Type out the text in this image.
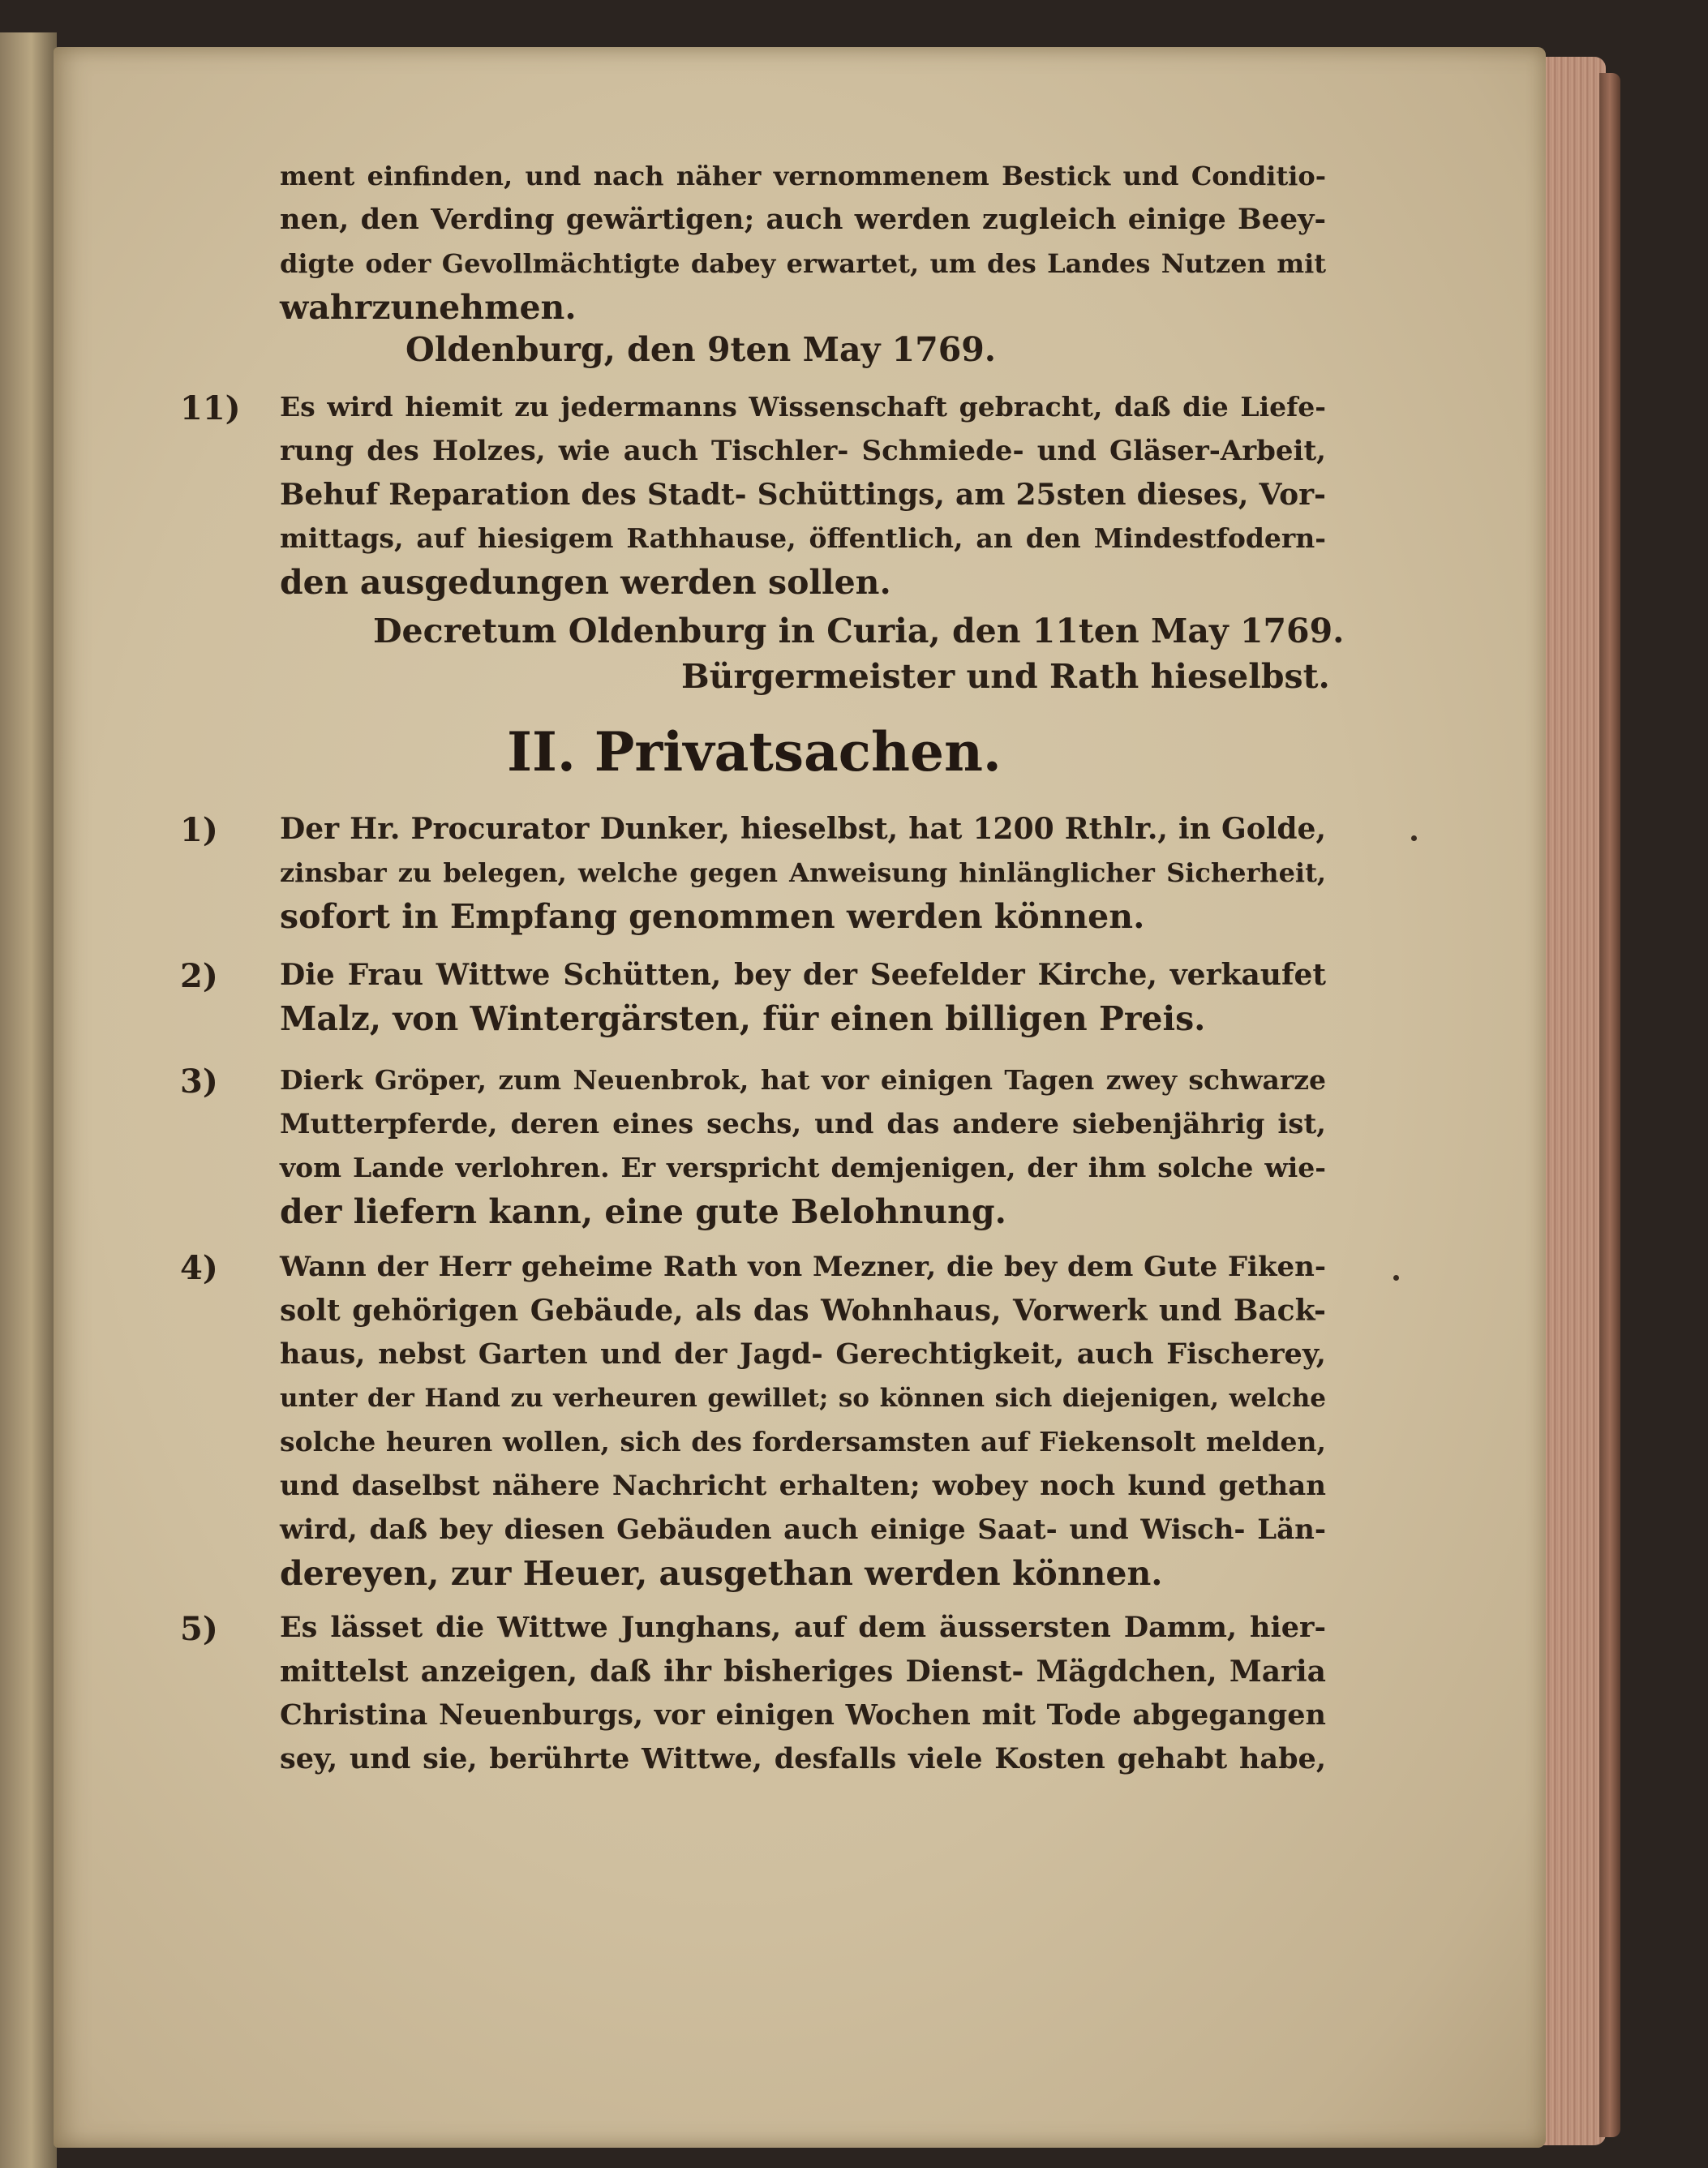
ment einfinden, und nach näher vernommenem Bestick und Conditio-
nen, den Verding gewärtigen; auch werden zugleich einige Beey-
digte oder Gevollmächtigte dabey erwartet, um des Landes Nutzen mit
wahrzunehmen.
Oldenburg, den 9ten May 1769.
11) Es wird hiemit zu jedermanns Wissenschaft gebracht, daß die Liefe-
rung des Holzes, wie auch Tischler- Schmiede- und Gläser-Arbeit,
Behuf Reparation des Stadt- Schüttings, am 25sten dieses, Vor-
mittags, auf hiesigem Rathhause, öffentlich, an den Mindestfodern-
den ausgedungen werden sollen.
Decretum Oldenburg in Curia, den 11ten May 1769.
Bürgermeister und Rath hieselbst.
II. Privatsachen.
1) Der Hr. Procurator Dunker, hieselbst, hat 1200 Rthlr., in Golde,
zinsbar zu belegen, welche gegen Anweisung hinlänglicher Sicherheit,
sofort in Empfang genommen werden können.
2) Die Frau Wittwe Schütten, bey der Seefelder Kirche, verkaufet
Malz, von Wintergärsten, für einen billigen Preis.
3) Dierk Gröper, zum Neuenbrok, hat vor einigen Tagen zwey schwarze
Mutterpferde, deren eines sechs, und das andere siebenjährig ist,
vom Lande verlohren. Er verspricht demjenigen, der ihm solche wie-
der liefern kann, eine gute Belohnung.
4) Wann der Herr geheime Rath von Mezner, die bey dem Gute Fiken-
solt gehörigen Gebäude, als das Wohnhaus, Vorwerk und Back-
haus, nebst Garten und der Jagd- Gerechtigkeit, auch Fischerey,
unter der Hand zu verheuren gewillet; so können sich diejenigen, welche
solche heuren wollen, sich des fordersamsten auf Fiekensolt melden,
und daselbst nähere Nachricht erhalten; wobey noch kund gethan
wird, daß bey diesen Gebäuden auch einige Saat- und Wisch- Län-
dereyen, zur Heuer, ausgethan werden können.
5) Es lässet die Wittwe Junghans, auf dem äussersten Damm, hier-
mittelst anzeigen, daß ihr bisheriges Dienst- Mägdchen, Maria
Christina Neuenburgs, vor einigen Wochen mit Tode abgegangen
sey, und sie, berührte Wittwe, desfalls viele Kosten gehabt habe,
